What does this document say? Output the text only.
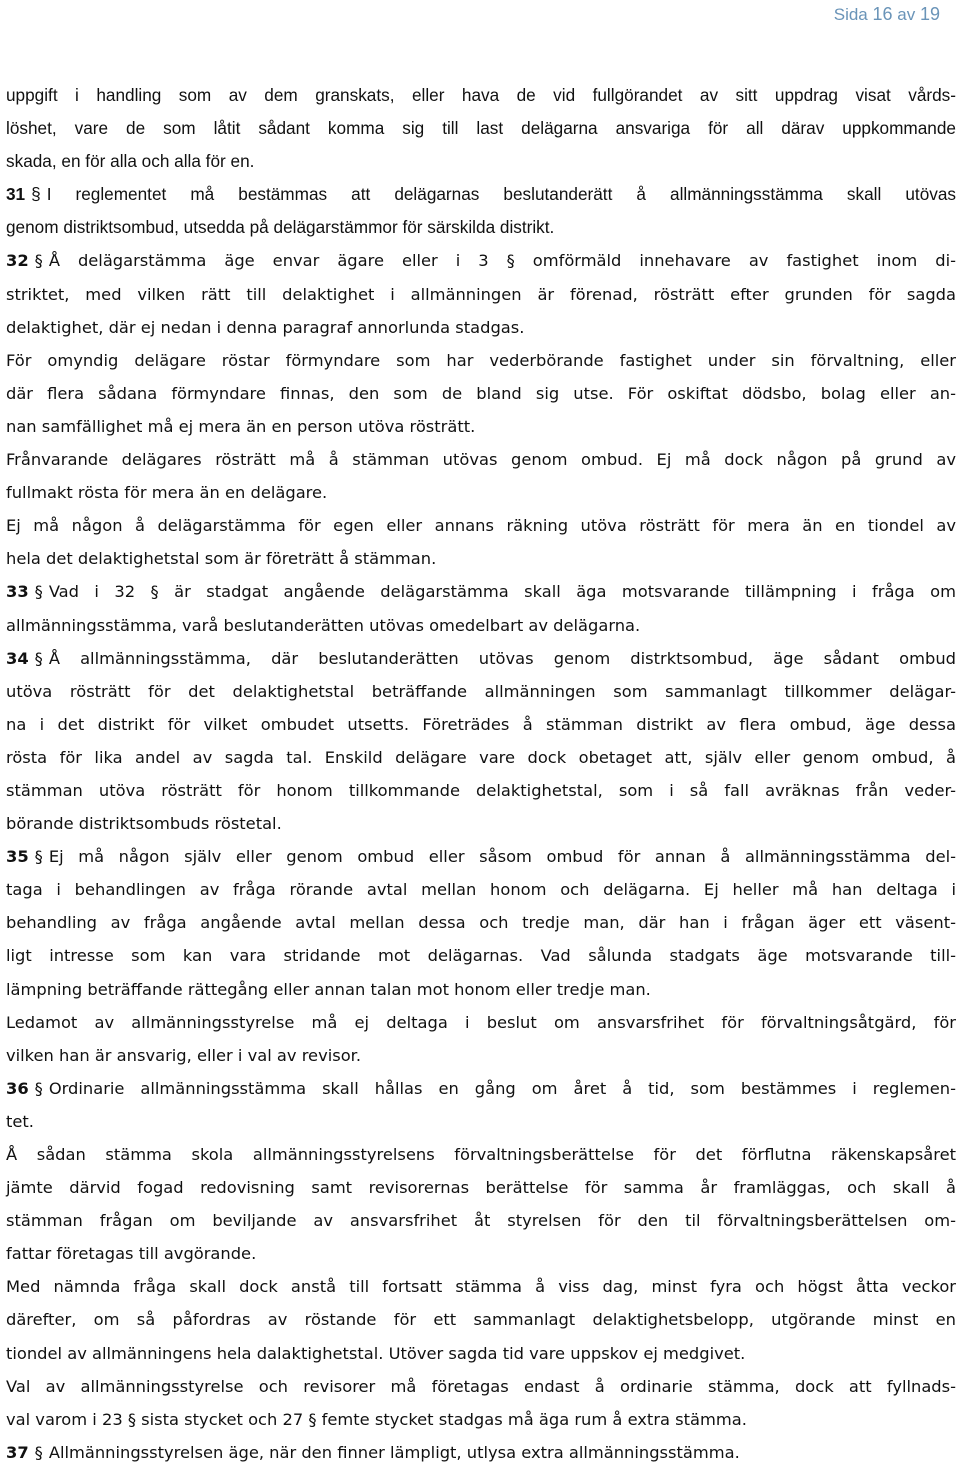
Sida 16 av 19
uppgift i handling som av dem granskats, eller hava de vid fullgörandet av sitt uppdrag visat vårds-
löshet, vare de som låtit sådant komma sig till last delägarna ansvariga för all därav uppkommande
skada, en för alla och alla för en.
31 § I reglementet må bestämmas att delägarnas beslutanderätt å allmänningsstämma skall utövas
genom distriktsombud, utsedda på delägarstämmor för särskilda distrikt.
32 § Å delägarstämma äge envar ägare eller i 3 § omförmäld innehavare av fastighet inom di-
striktet, med vilken rätt till delaktighet i allmänningen är förenad, rösträtt efter grunden för sagda
delaktighet, där ej nedan i denna paragraf annorlunda stadgas.
För omyndig delägare röstar förmyndare som har vederbörande fastighet under sin förvaltning, eller
där flera sådana förmyndare finnas, den som de bland sig utse. För oskiftat dödsbo, bolag eller an-
nan samfällighet må ej mera än en person utöva rösträtt.
Frånvarande delägares rösträtt må å stämman utövas genom ombud. Ej må dock någon på grund av
fullmakt rösta för mera än en delägare.
Ej må någon å delägarstämma för egen eller annans räkning utöva rösträtt för mera än en tiondel av
hela det delaktighetstal som är företrätt å stämman.
33 § Vad i 32 § är stadgat angående delägarstämma skall äga motsvarande tillämpning i fråga om
allmänningsstämma, varå beslutanderätten utövas omedelbart av delägarna.
34 § Å allmänningsstämma, där beslutanderätten utövas genom distrktsombud, äge sådant ombud
utöva rösträtt för det delaktighetstal beträffande allmänningen som sammanlagt tillkommer delägar-
na i det distrikt för vilket ombudet utsetts. Företrädes å stämman distrikt av flera ombud, äge dessa
rösta för lika andel av sagda tal. Enskild delägare vare dock obetaget att, själv eller genom ombud, å
stämman utöva rösträtt för honom tillkommande delaktighetstal, som i så fall avräknas från veder-
börande distriktsombuds röstetal.
35 § Ej må någon själv eller genom ombud eller såsom ombud för annan å allmänningsstämma del-
taga i behandlingen av fråga rörande avtal mellan honom och delägarna. Ej heller må han deltaga i
behandling av fråga angående avtal mellan dessa och tredje man, där han i frågan äger ett väsent-
ligt intresse som kan vara stridande mot delägarnas. Vad sålunda stadgats äge motsvarande till-
lämpning beträffande rättegång eller annan talan mot honom eller tredje man.
Ledamot av allmänningsstyrelse må ej deltaga i beslut om ansvarsfrihet för förvaltningsåtgärd, för
vilken han är ansvarig, eller i val av revisor.
36 § Ordinarie allmänningsstämma skall hållas en gång om året å tid, som bestämmes i reglemen-
tet.
Å sådan stämma skola allmänningsstyrelsens förvaltningsberättelse för det förflutna räkenskapsåret
jämte därvid fogad redovisning samt revisorernas berättelse för samma år framläggas, och skall å
stämman frågan om beviljande av ansvarsfrihet åt styrelsen för den til förvaltningsberättelsen om-
fattar företagas till avgörande.
Med nämnda fråga skall dock anstå till fortsatt stämma å viss dag, minst fyra och högst åtta veckor
därefter, om så påfordras av röstande för ett sammanlagt delaktighetsbelopp, utgörande minst en
tiondel av allmänningens hela dalaktighetstal. Utöver sagda tid vare uppskov ej medgivet.
Val av allmänningsstyrelse och revisorer må företagas endast å ordinarie stämma, dock att fyllnads-
val varom i 23 § sista stycket och 27 § femte stycket stadgas må äga rum å extra stämma.
37 § Allmänningsstyrelsen äge, när den finner lämpligt, utlysa extra allmänningsstämma.
